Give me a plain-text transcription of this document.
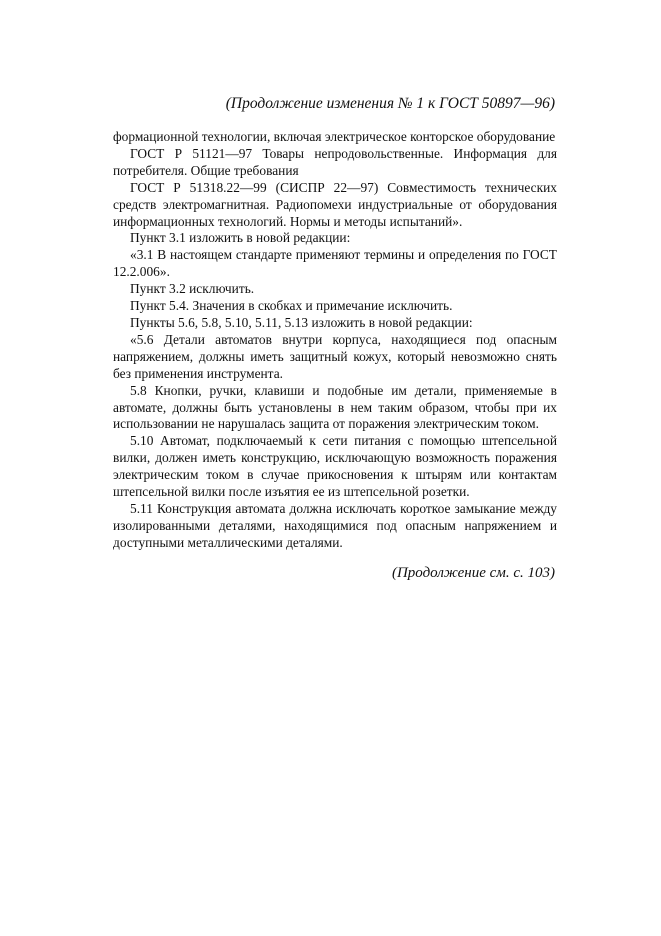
(Продолжение изменения № 1 к ГОСТ 50897—96)

формационной технологии, включая электрическое конторское оборудование

ГОСТ Р 51121—97 Товары непродовольственные. Информация для потребителя. Общие требования

ГОСТ Р 51318.22—99 (СИСПР 22—97) Совместимость технических средств электромагнитная. Радиопомехи индустриальные от оборудования информационных технологий. Нормы и методы испытаний».

Пункт 3.1 изложить в новой редакции:

«3.1 В настоящем стандарте применяют термины и определения по ГОСТ 12.2.006».

Пункт 3.2 исключить.

Пункт 5.4. Значения в скобках и примечание исключить.

Пункты 5.6, 5.8, 5.10, 5.11, 5.13 изложить в новой редакции:

«5.6 Детали автоматов внутри корпуса, находящиеся под опасным напряжением, должны иметь защитный кожух, который невозможно снять без применения инструмента.

5.8 Кнопки, ручки, клавиши и подобные им детали, применяемые в автомате, должны быть установлены в нем таким образом, чтобы при их использовании не нарушалась защита от поражения электрическим током.

5.10 Автомат, подключаемый к сети питания с помощью штепсельной вилки, должен иметь конструкцию, исключающую возможность поражения электрическим током в случае прикосновения к штырям или контактам штепсельной вилки после изъятия ее из штепсельной розетки.

5.11 Конструкция автомата должна исключать короткое замыкание между изолированными деталями, находящимися под опасным напряжением и доступными металлическими деталями.

(Продолжение см. с. 103)
